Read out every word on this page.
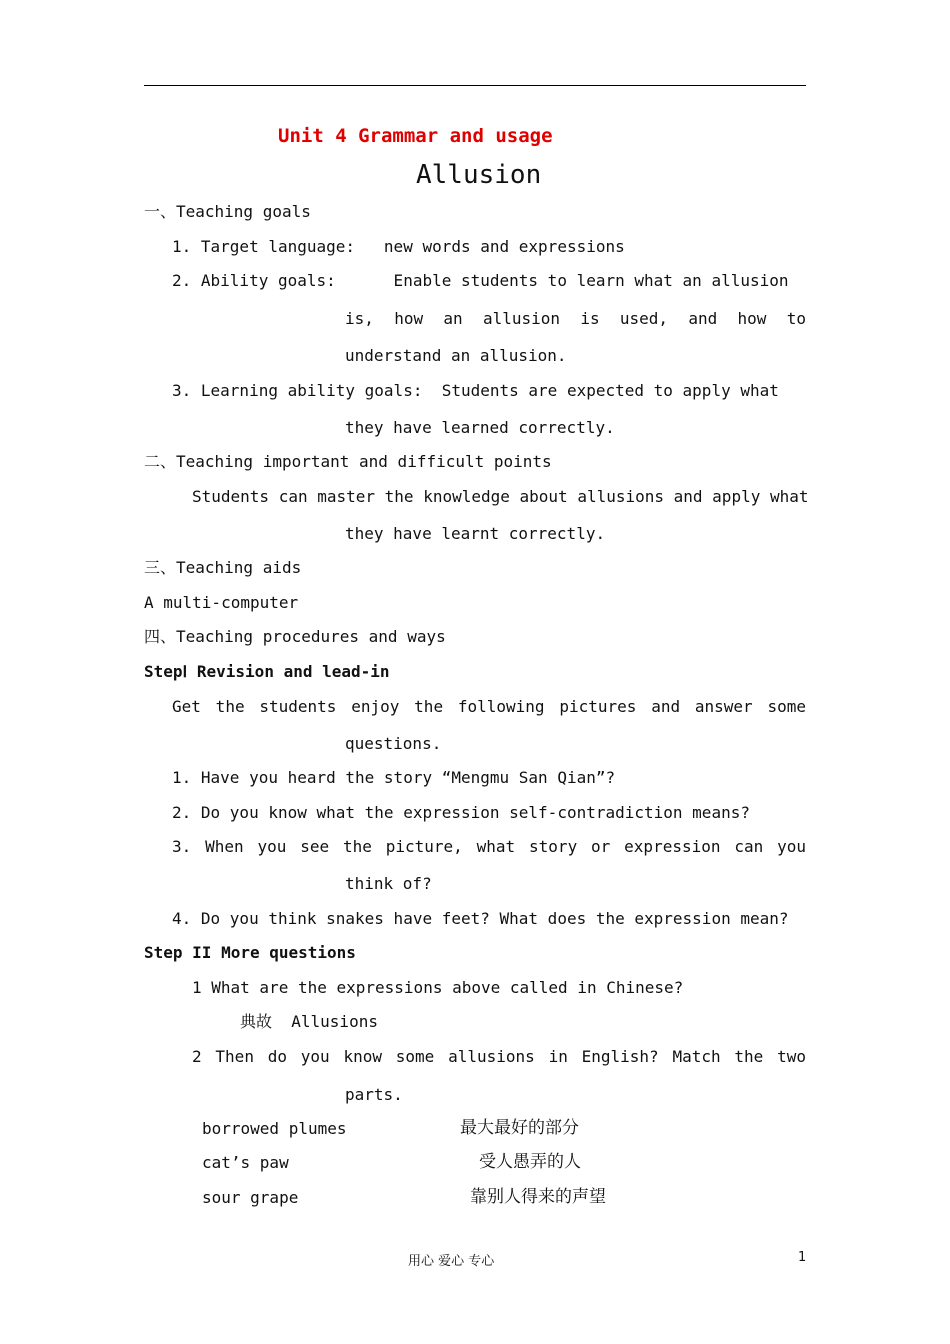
Unit 4 Grammar and usage
Allusion
一、Teaching goals
1. Target language:   new words and expressions
2. Ability goals:      Enable students to learn what an allusion
is, how an allusion is used, and how to
understand an allusion.
3. Learning ability goals:  Students are expected to apply what
they have learned correctly.
二、Teaching important and difficult points
Students can master the knowledge about allusions and apply what
they have learnt correctly.
三、Teaching aids
A multi-computer
四、Teaching procedures and ways
StepⅠ Revision and lead-in
Get the students enjoy the following pictures and answer some
questions.
1. Have you heard the story “Mengmu San Qian”?
2. Do you know what the expression self-contradiction means?
3. When you see the picture, what story or expression can you
think of?
4. Do you think snakes have feet? What does the expression mean?
Step II More questions
1 What are the expressions above called in Chinese?
典故  Allusions
2 Then do you know some allusions in English? Match the two
parts.
borrowed plumes	最大最好的部分
cat’s paw	受人愚弄的人
sour grape	靠别人得来的声望
用心 爱心 专心	1
